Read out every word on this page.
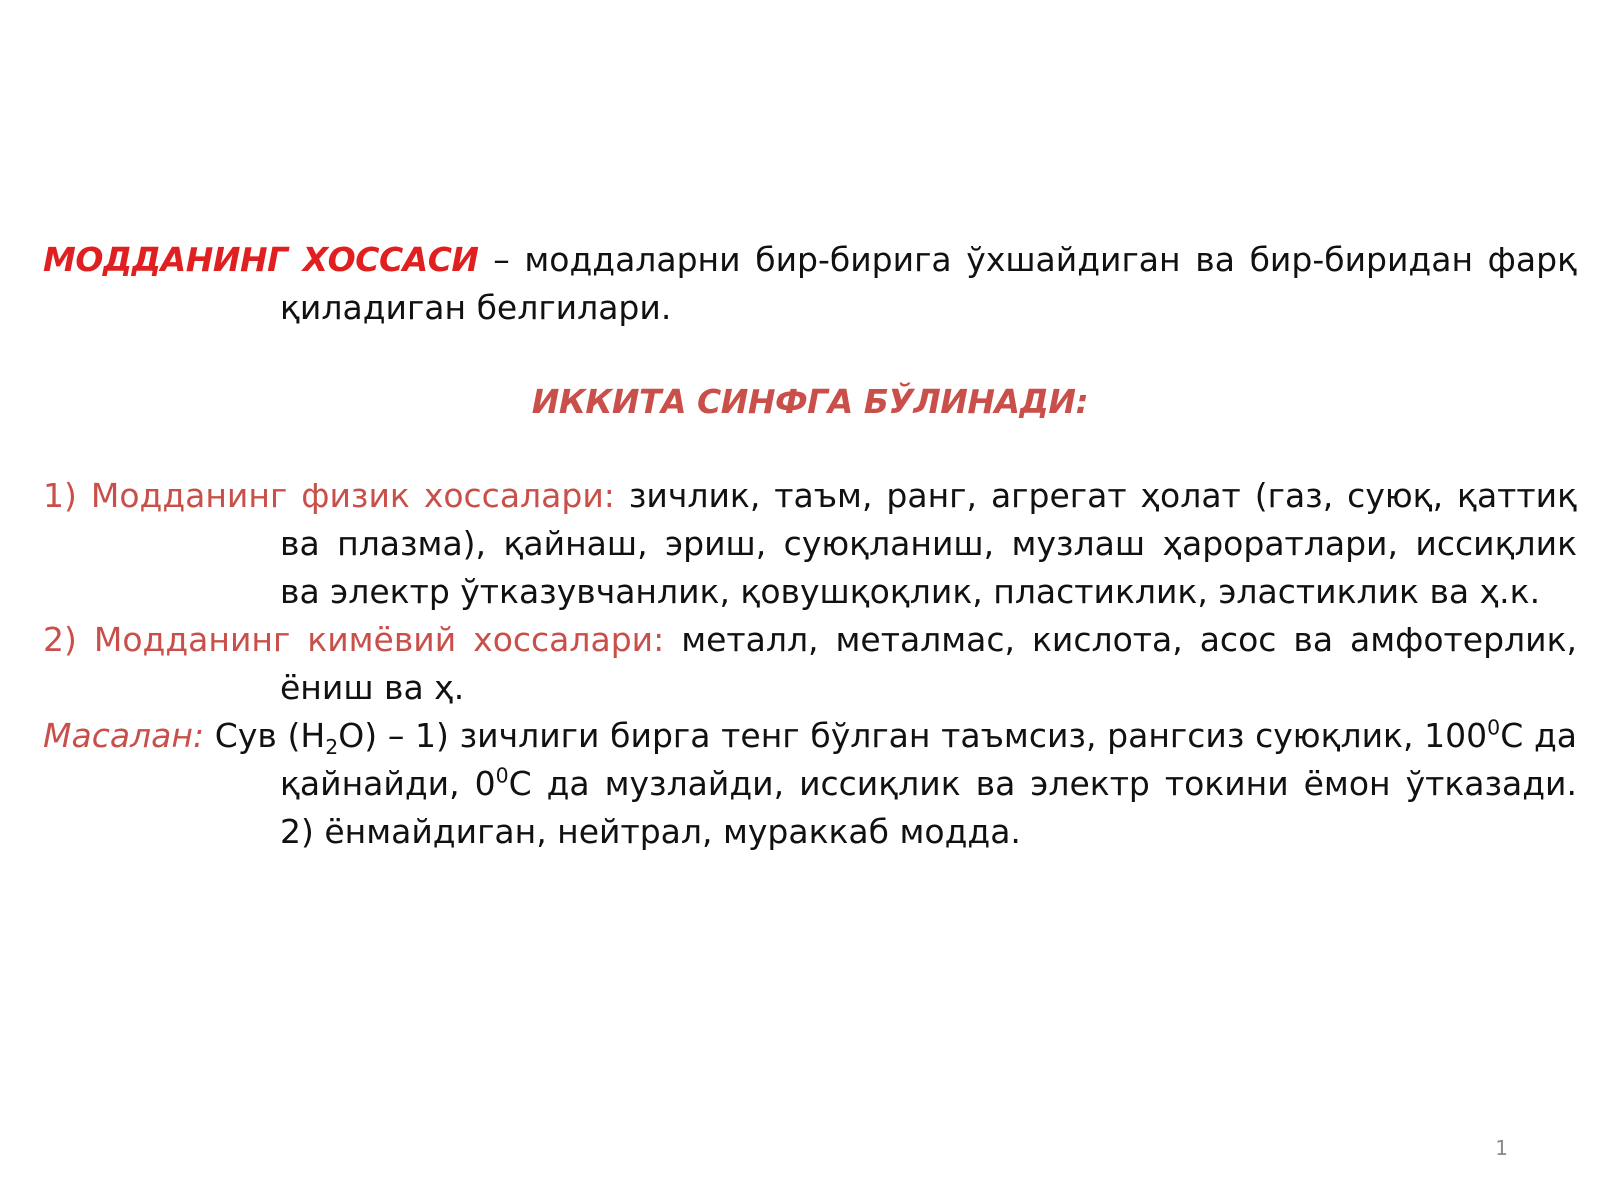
МОДДАНИНГ ХОССАСИ – моддаларни бир-бирига ўхшайдиган ва бир-биридан фарқ қиладиган белгилари.

ИККИТА СИНФГА БЎЛИНАДИ:

1) Модданинг физик хоссалари: зичлик, таъм, ранг, агрегат ҳолат (газ, суюқ, қаттиқ ва плазма), қайнаш, эриш, суюқланиш, музлаш ҳароратлари, иссиқлик ва электр ўтказувчанлик, қовушқоқлик, пластиклик, эластиклик ва ҳ.к.

2) Модданинг кимёвий хоссалари: металл, металмас, кислота, асос ва амфотерлик, ёниш ва ҳ.

Масалан: Сув $(Н_2О) - 1$) зичлиги бирга тенг бўлган таъмсиз, рангсиз суюқлик, $100^0С$ да қайнайди, $0^0С$ да музлайди, иссиқлик ва электр токини ёмон ўтказади. 2) ёнмайдиган, нейтрал, мураккаб модда.

1
